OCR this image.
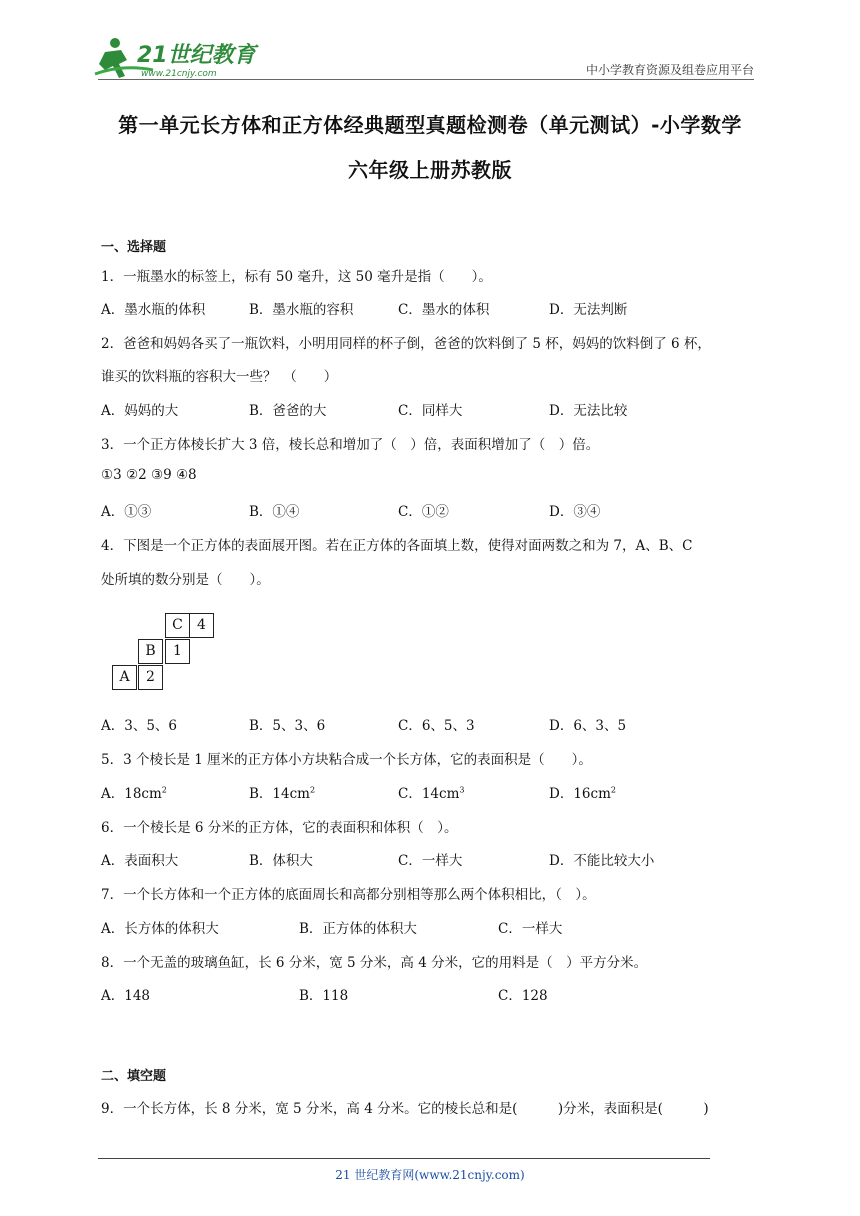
21世纪教育
www.21cnjy.com	中小学教育资源及组卷应用平台
第一单元长方体和正方体经典题型真题检测卷（单元测试）-小学数学
六年级上册苏教版
一、选择题
1．一瓶墨水的标签上，标有 50 毫升，这 50 毫升是指（　　）。
A．墨水瓶的体积	B．墨水瓶的容积	C．墨水的体积	D．无法判断
2．爸爸和妈妈各买了一瓶饮料，小明用同样的杯子倒，爸爸的饮料倒了 5 杯，妈妈的饮料倒了 6 杯，
谁买的饮料瓶的容积大一些？　（　　）
A．妈妈的大	B．爸爸的大	C．同样大	D．无法比较
3．一个正方体棱长扩大 3 倍，棱长总和增加了（　）倍，表面积增加了（　）倍。
①3 ②2 ③9 ④8
A．①③	B．①④	C．①②	D．③④
4．下图是一个正方体的表面展开图。若在正方体的各面填上数，使得对面两数之和为 7，A、B、C
处所填的数分别是（　　）。
C	4
B	1
A	2
A．3、5、6	B．5、3、6	C．6、5、3	D．6、3、5
5．3 个棱长是 1 厘米的正方体小方块粘合成一个长方体，它的表面积是（　　）。
A．$18cm^2$	B．$14cm^2$	C．$14cm^3$	D．$16cm^2$
6．一个棱长是 6 分米的正方体，它的表面积和体积（　）。
A．表面积大	B．体积大	C．一样大	D．不能比较大小
7．一个长方体和一个正方体的底面周长和高都分别相等那么两个体积相比，（　）。
A．长方体的体积大	B．正方体的体积大	C．一样大
8．一个无盖的玻璃鱼缸，长 6 分米，宽 5 分米，高 4 分米，它的用料是（　）平方分米。
A．148	B．118	C．128
二、填空题
9．一个长方体，长 8 分米，宽 5 分米，高 4 分米。它的棱长总和是(　　　)分米，表面积是(　　　)
21 世纪教育网(www.21cnjy.com)
